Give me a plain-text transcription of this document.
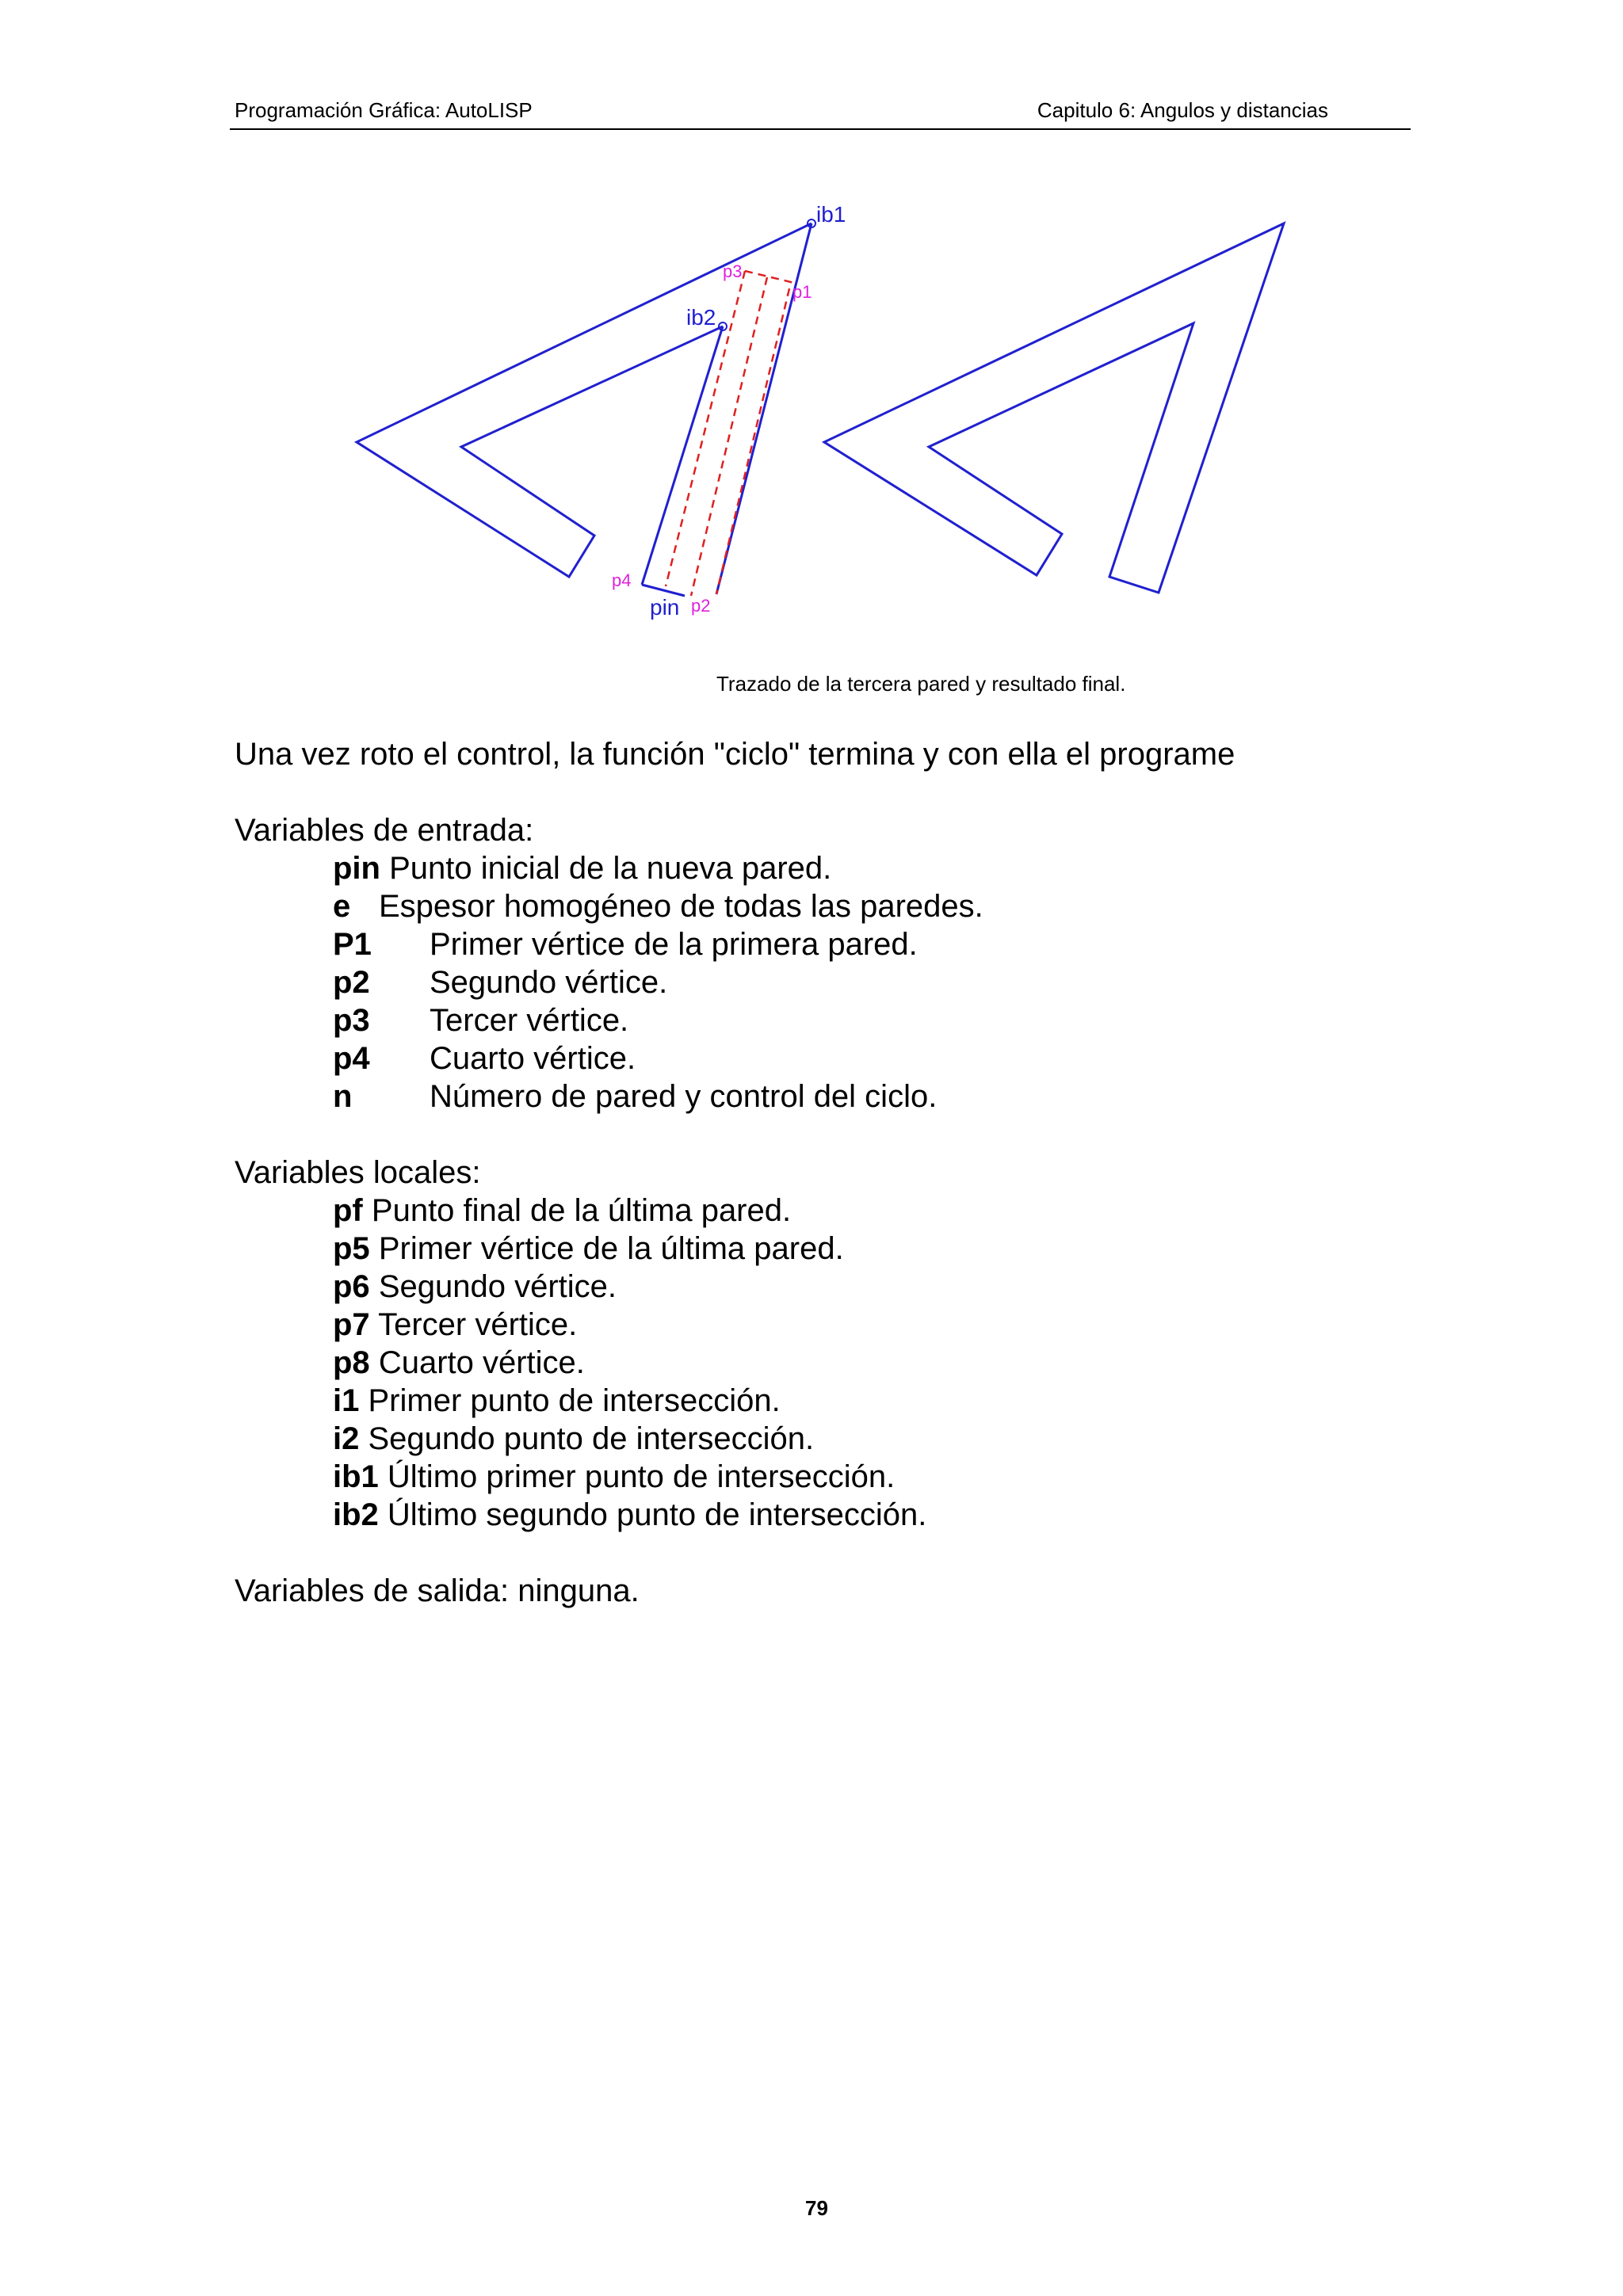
Programación Gráfica: AutoLISP	Capitulo 6: Angulos y distancias
ib1
ib2
p1
p3
p4
p2
pin
Trazado de la tercera pared y resultado final.
Una vez roto el control, la función "ciclo" termina y con ella el programe
Variables de entrada:
pin Punto inicial de la nueva pared.
e Espesor homogéneo de todas las paredes.
P1 Primer vértice de la primera pared.
p2 Segundo vértice.
p3 Tercer vértice.
p4 Cuarto vértice.
n Número de pared y control del ciclo.
Variables locales:
pf Punto final de la última pared.
p5 Primer vértice de la última pared.
p6 Segundo vértice.
p7 Tercer vértice.
p8 Cuarto vértice.
i1 Primer punto de intersección.
i2 Segundo punto de intersección.
ib1 Último primer punto de intersección.
ib2 Último segundo punto de intersección.
Variables de salida: ninguna.
79
